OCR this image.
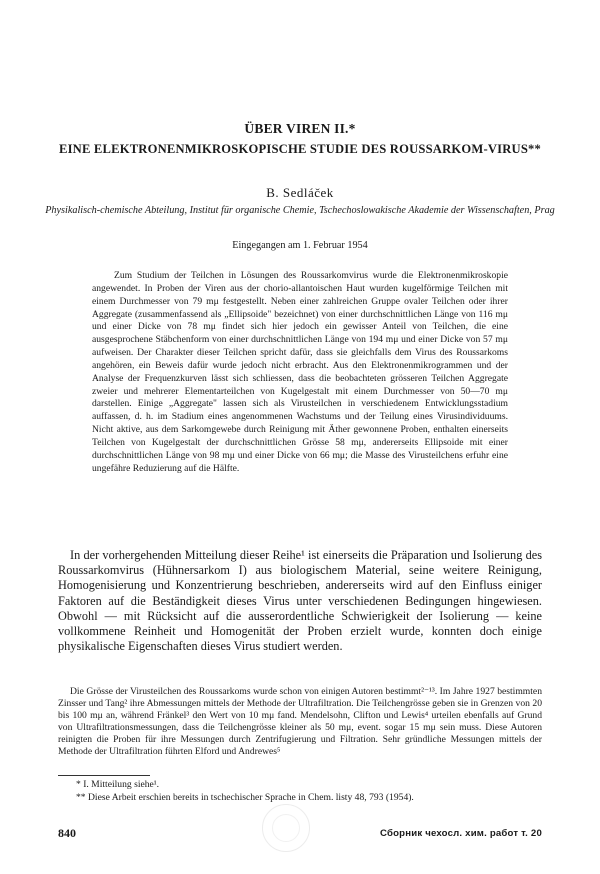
ÜBER VIREN II.*
EINE ELEKTRONENMIKROSKOPISCHE STUDIE DES ROUSSARKOM-VIRUS**
B. Sedláček
Physikalisch-chemische Abteilung, Institut für organische Chemie, Tschechoslowakische Akademie der Wissenschaften, Prag
Eingegangen am 1. Februar 1954
Zum Studium der Teilchen in Lösungen des Roussarkomvirus wurde die Elektronenmikroskopie angewendet. In Proben der Viren aus der chorio-allantoischen Haut wurden kugelförmige Teilchen mit einem Durchmesser von 79 mμ festgestellt. Neben einer zahlreichen Gruppe ovaler Teilchen oder ihrer Aggregate (zusammenfassend als „Ellipsoide" bezeichnet) von einer durchschnittlichen Länge von 116 mμ und einer Dicke von 78 mμ findet sich hier jedoch ein gewisser Anteil von Teilchen, die eine ausgesprochene Stäbchenform von einer durchschnittlichen Länge von 194 mμ und einer Dicke von 57 mμ aufweisen. Der Charakter dieser Teilchen spricht dafür, dass sie gleichfalls dem Virus des Roussarkoms angehören, ein Beweis dafür wurde jedoch nicht erbracht. Aus den Elektronenmikrogrammen und der Analyse der Frequenzkurven lässt sich schliessen, dass die beobachteten grösseren Teilchen Aggregate zweier und mehrerer Elementarteilchen von Kugelgestalt mit einem Durchmesser von 50—70 mμ darstellen. Einige „Aggregate" lassen sich als Virusteilchen in verschiedenem Entwicklungsstadium auffassen, d. h. im Stadium eines angenommenen Wachstums und der Teilung eines Virusindividuums. Nicht aktive, aus dem Sarkomgewebe durch Reinigung mit Äther gewonnene Proben, enthalten einerseits Teilchen von Kugelgestalt der durchschnittlichen Grösse 58 mμ, andererseits Ellipsoide mit einer durchschnittlichen Länge von 98 mμ und einer Dicke von 66 mμ; die Masse des Virusteilchens erfuhr eine ungefähre Reduzierung auf die Hälfte.
In der vorhergehenden Mitteilung dieser Reihe¹ ist einerseits die Präparation und Isolierung des Roussarkomvirus (Hühnersarkom I) aus biologischem Material, seine weitere Reinigung, Homogenisierung und Konzentrierung beschrieben, andererseits wird auf den Einfluss einiger Faktoren auf die Beständigkeit dieses Virus unter verschiedenen Bedingungen hingewiesen. Obwohl — mit Rücksicht auf die ausserordentliche Schwierigkeit der Isolierung — keine vollkommene Reinheit und Homogenität der Proben erzielt wurde, konnten doch einige physikalische Eigenschaften dieses Virus studiert werden.
Die Grösse der Virusteilchen des Roussarkoms wurde schon von einigen Autoren bestimmt²⁻¹³. Im Jahre 1927 bestimmten Zinsser und Tang² ihre Abmessungen mittels der Methode der Ultrafiltration. Die Teilchengrösse geben sie in Grenzen von 20 bis 100 mμ an, während Fränkel³ den Wert von 10 mμ fand. Mendelsohn, Clifton und Lewis⁴ urteilen ebenfalls auf Grund von Ultrafiltrationsmessungen, dass die Teilchengrösse kleiner als 50 mμ, event. sogar 15 mμ sein muss. Diese Autoren reinigten die Proben für ihre Messungen durch Zentrifugierung und Filtration. Sehr gründliche Messungen mittels der Methode der Ultrafiltration führten Elford und Andrewes⁵
* I. Mitteilung siehe¹.
** Diese Arbeit erschien bereits in tschechischer Sprache in Chem. listy 48, 793 (1954).
840	Сборник чехосл. хим. работ т. 20
